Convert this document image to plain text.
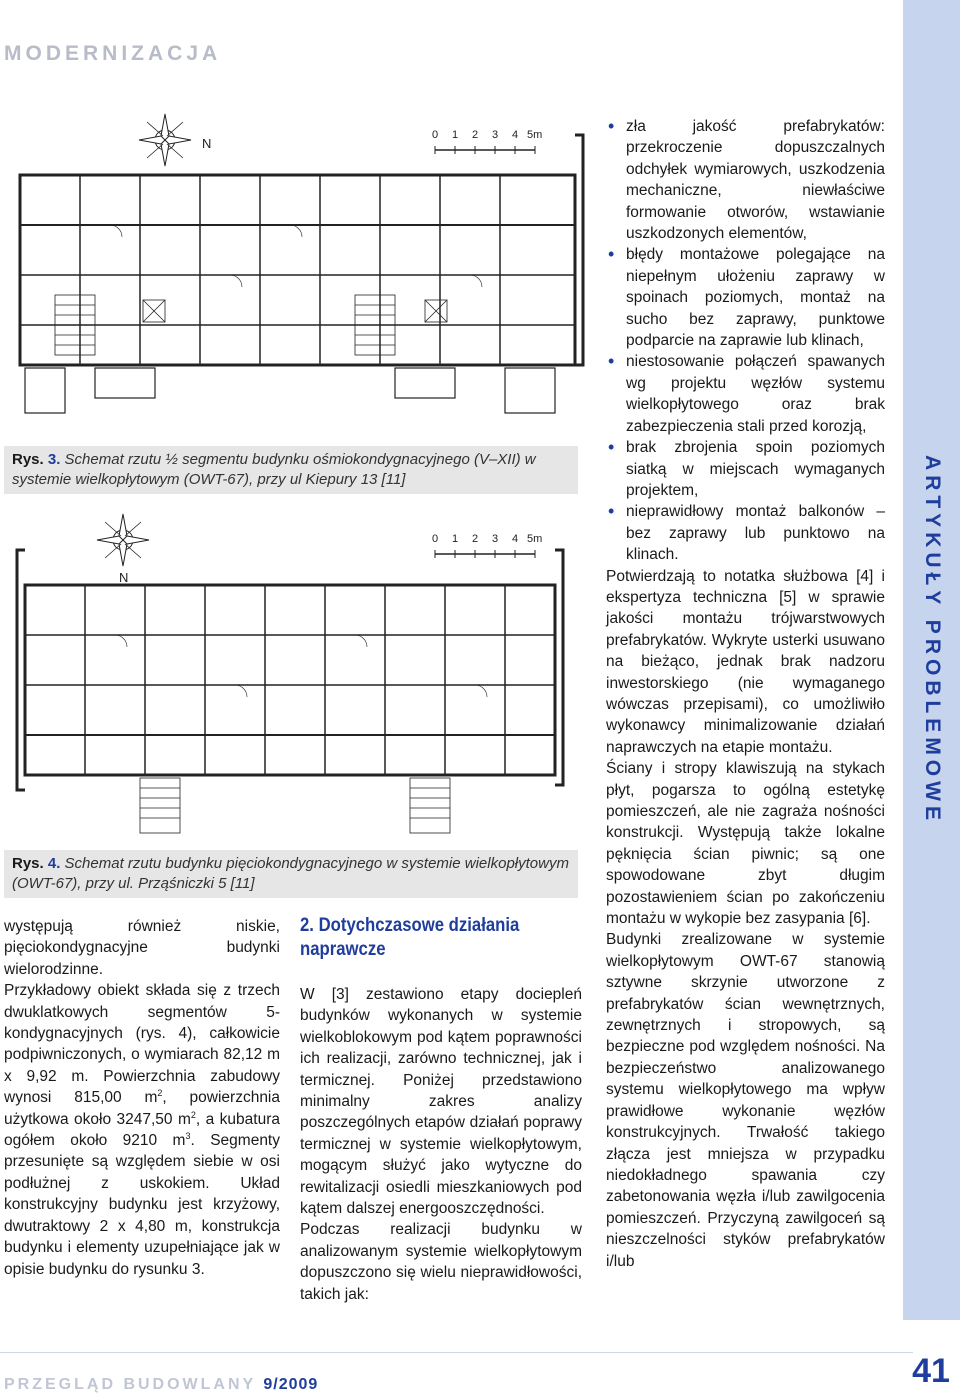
MODERNIZACJA
ARTYKUŁY PROBLEMOWE
N
0 1 2 3 4 5m
Rys. 3. Schemat rzutu ½ segmentu budynku ośmiokondygnacyjnego (V–XII) w systemie wielkopłytowym (OWT-67), przy ul Kiepury 13 [11]
N
0 1 2 3 4 5m
Rys. 4. Schemat rzutu budynku pięciokondygnacyjnego w systemie wielkopłytowym (OWT-67), przy ul. Prząśniczki 5 [11]

występują również niskie, pięciokondygnacyjne budynki wielorodzinne.

Przykładowy obiekt składa się z trzech dwuklatkowych segmentów 5-kondygnacyjnych (rys. 4), całkowicie podpiwniczonych, o wymiarach 82,12 m x 9,92 m. Powierzchnia zabudowy wynosi 815,00 $m^2$, powierzchnia użytkowa około 3247,50 $m^2$, a kubatura ogółem około 9210 $m^3$. Segmenty przesunięte są względem siebie w osi podłużnej z uskokiem. Układ konstrukcyjny budynku jest krzyżowy, dwutraktowy 2 x 4,80 m, konstrukcja budynku i elementy uzupełniające jak w opisie budynku do rysunku 3.

2. Dotychczasowe działania naprawcze

W [3] zestawiono etapy dociepleń budynków wykonanych w systemie wielkoblokowym pod kątem poprawności ich realizacji, zarówno technicznej, jak i termicznej. Poniżej przedstawiono minimalny zakres analizy poszczególnych etapów działań poprawy termicznej w systemie wielkopłytowym, mogącym służyć jako wytyczne do rewitalizacji osiedli mieszkaniowych pod kątem dalszej energooszczędności.

Podczas realizacji budynku w analizowanym systemie wielkopłytowym dopuszczono się wielu nieprawidłowości, takich jak:

• zła jakość prefabrykatów: przekroczenie dopuszczalnych odchyłek wymiarowych, uszkodzenia mechaniczne, niewłaściwe formowanie otworów, wstawianie uszkodzonych elementów,

• błędy montażowe polegające na niepełnym ułożeniu zaprawy w spoinach poziomych, montaż na sucho bez zaprawy, punktowe podparcie na zaprawie lub klinach,

• niestosowanie połączeń spawanych wg projektu węzłów systemu wielkopłytowego oraz brak zabezpieczenia stali przed korozją,

• brak zbrojenia spoin poziomych siatką w miejscach wymaganych projektem,

• nieprawidłowy montaż balkonów – bez zaprawy lub punktowo na klinach.

Potwierdzają to notatka służbowa [4] i ekspertyza techniczna [5] w sprawie jakości montażu trójwarstwowych prefabrykatów. Wykryte usterki usuwano na bieżąco, jednak brak nadzoru inwestorskiego (nie wymaganego wówczas przepisami), co umożliwiło wykonawcy minimalizowanie działań naprawczych na etapie montażu.

Ściany i stropy klawiszują na stykach płyt, pogarsza to ogólną estetykę pomieszczeń, ale nie zagraża nośności konstrukcji. Występują także lokalne pęknięcia ścian piwnic; są one spowodowane zbyt długim pozostawieniem ścian po zakończeniu montażu w wykopie bez zasypania [6].

Budynki zrealizowane w systemie wielkopłytowym OWT-67 stanowią sztywne skrzynie utworzone z prefabrykatów ścian wewnętrznych, zewnętrznych i stropowych, są bezpieczne pod względem nośności. Na bezpieczeństwo analizowanego systemu wielkopłytowego ma wpływ prawidłowe wykonanie węzłów konstrukcyjnych. Trwałość takiego złącza jest mniejsza w przypadku niedokładnego spawania czy zabetonowania węzła i/lub zawilgocenia pomieszczeń. Przyczyną zawilgoceń są nieszczelności styków prefabrykatów i/lub

PRZEGLĄD BUDOWLANY 9/2009	41
